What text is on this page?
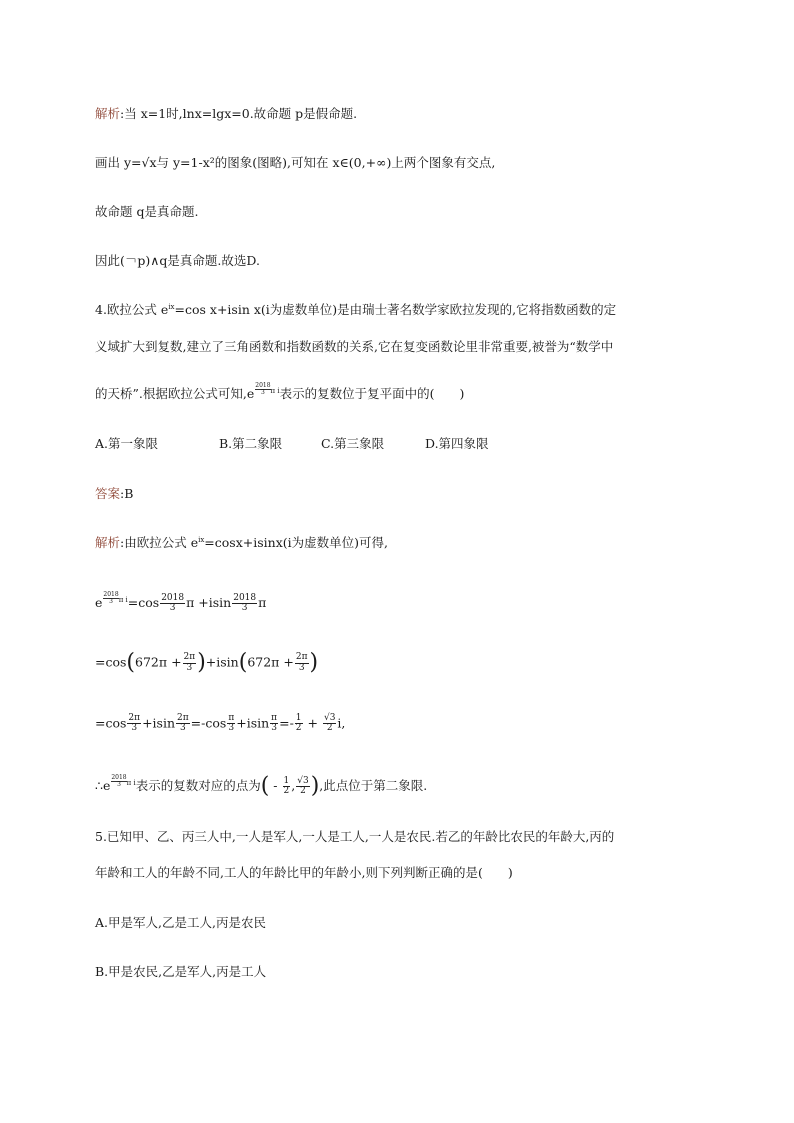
解析:当 x=1时,lnx=lgx=0.故命题 p是假命题.
画出 y=√x与 y=1-x²的图象(图略),可知在 x∈(0,+∞)上两个图象有交点,
故命题 q是真命题.
因此(￢p)∧q是真命题.故选D.
4.欧拉公式 $e^{ix}=\cos$ x+isin x(i为虚数单位)是由瑞士著名数学家欧拉发现的,它将指数函数的定
义域扩大到复数,建立了三角函数和指数函数的关系,它在复变函数论里非常重要,被誉为“数学中
的天桥”.根据欧拉公式可知$,e \frac{2018}{3} ^{\pi i}$表示的复数位于复平面中的(　　)
A.第一象限	B.第二象限	C.第三象限	D.第四象限
答案:B
解析:由欧拉公式 $e^{ix}=\cos x+isinx(i$为虚数单位)可得,
e $\frac{2018}{3} ^{\pi i}=\cos \frac{2018}{3}$ $\pi +isin \frac{2018}{3}$ π
$=\cos(672\pi + \frac{2\pi}{3} )+isin(672\pi + \frac{2\pi}{3}$ )
$=\cos \frac{2\pi}{3} +isin \frac{2\pi}{3} =-\cos \frac{\pi}{3} +isin \frac{\pi}{3} =- \frac{1}{2} + \frac{√3}{2} i$,
∴e $\frac{2018}{3} ^{\pi i}$表示的复数对应的点为( - $\frac{1}{2}$ , $\frac{√3}{2}$ ),此点位于第二象限.
5.已知甲、乙、丙三人中,一人是军人,一人是工人,一人是农民.若乙的年龄比农民的年龄大,丙的
年龄和工人的年龄不同,工人的年龄比甲的年龄小,则下列判断正确的是(　　)
A.甲是军人,乙是工人,丙是农民
B.甲是农民,乙是军人,丙是工人
